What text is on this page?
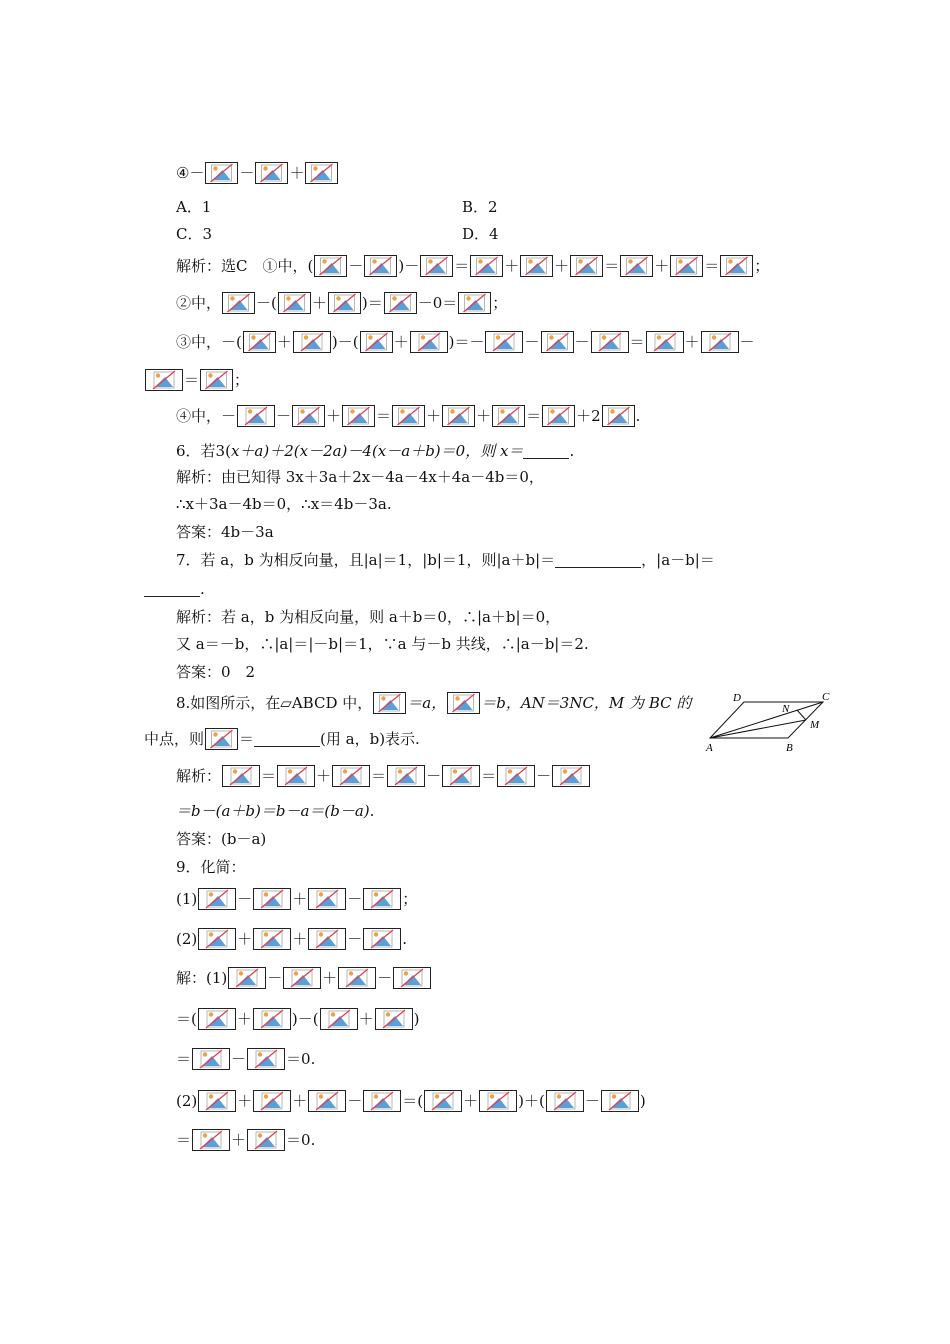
④－ － ＋
A．1	B．2
C．3	D．4
解析：选C　①中， ( － )－ ＝ ＋ ＋ ＝ ＋ ＝ ；
②中， －( ＋ )＝ －0＝ ；
③中，－ ( ＋	)－( ＋	)＝－	－ －	＝	＋	－
＝ ；
④中，－	－ ＋ ＝ ＋ ＋ ＝ ＋2 .
6．若3( x＋a)＋2(x－2a)－4(x－a＋b)＝0，则 x＝	.
解析：由已知得 3x＋3a＋2x－4a－4x＋4a－4b＝0，
∴x＋3a－4b＝0，∴x＝4b－3a.
答案：4b－3a
7．若 a，b 为相反向量，且|a|＝1，|b|＝1，则|a＋b|＝	，|a－b|＝
.
解析：若 a，b 为相反向量，则 a＋b＝0，∴|a＋b|＝0，
又 a＝－b，∴|a|＝|－b|＝1，∵a 与－b 共线，∴|a－b|＝2.
答案：0　2
8.如图所示，在▱ABCD 中， ＝a， ＝b，AN＝3NC，M 为 BC 的
中点，则 ＝	(用 a，b)表示.	A	B
C
D
N
M
解析：	＝	＋	＝	－	＝	－
＝b－(a＋b)＝b－a＝(b－a).
答案：(b－a)
9．化简：
(1)	－	＋	－	；
(2)	＋	＋	－	.
解：(1)	－	＋	－
＝(	＋	)－(	＋	)
＝	－	＝0.
(2)	＋	＋	－	＝(	＋	)＋(	－	)
＝	＋	＝0.
